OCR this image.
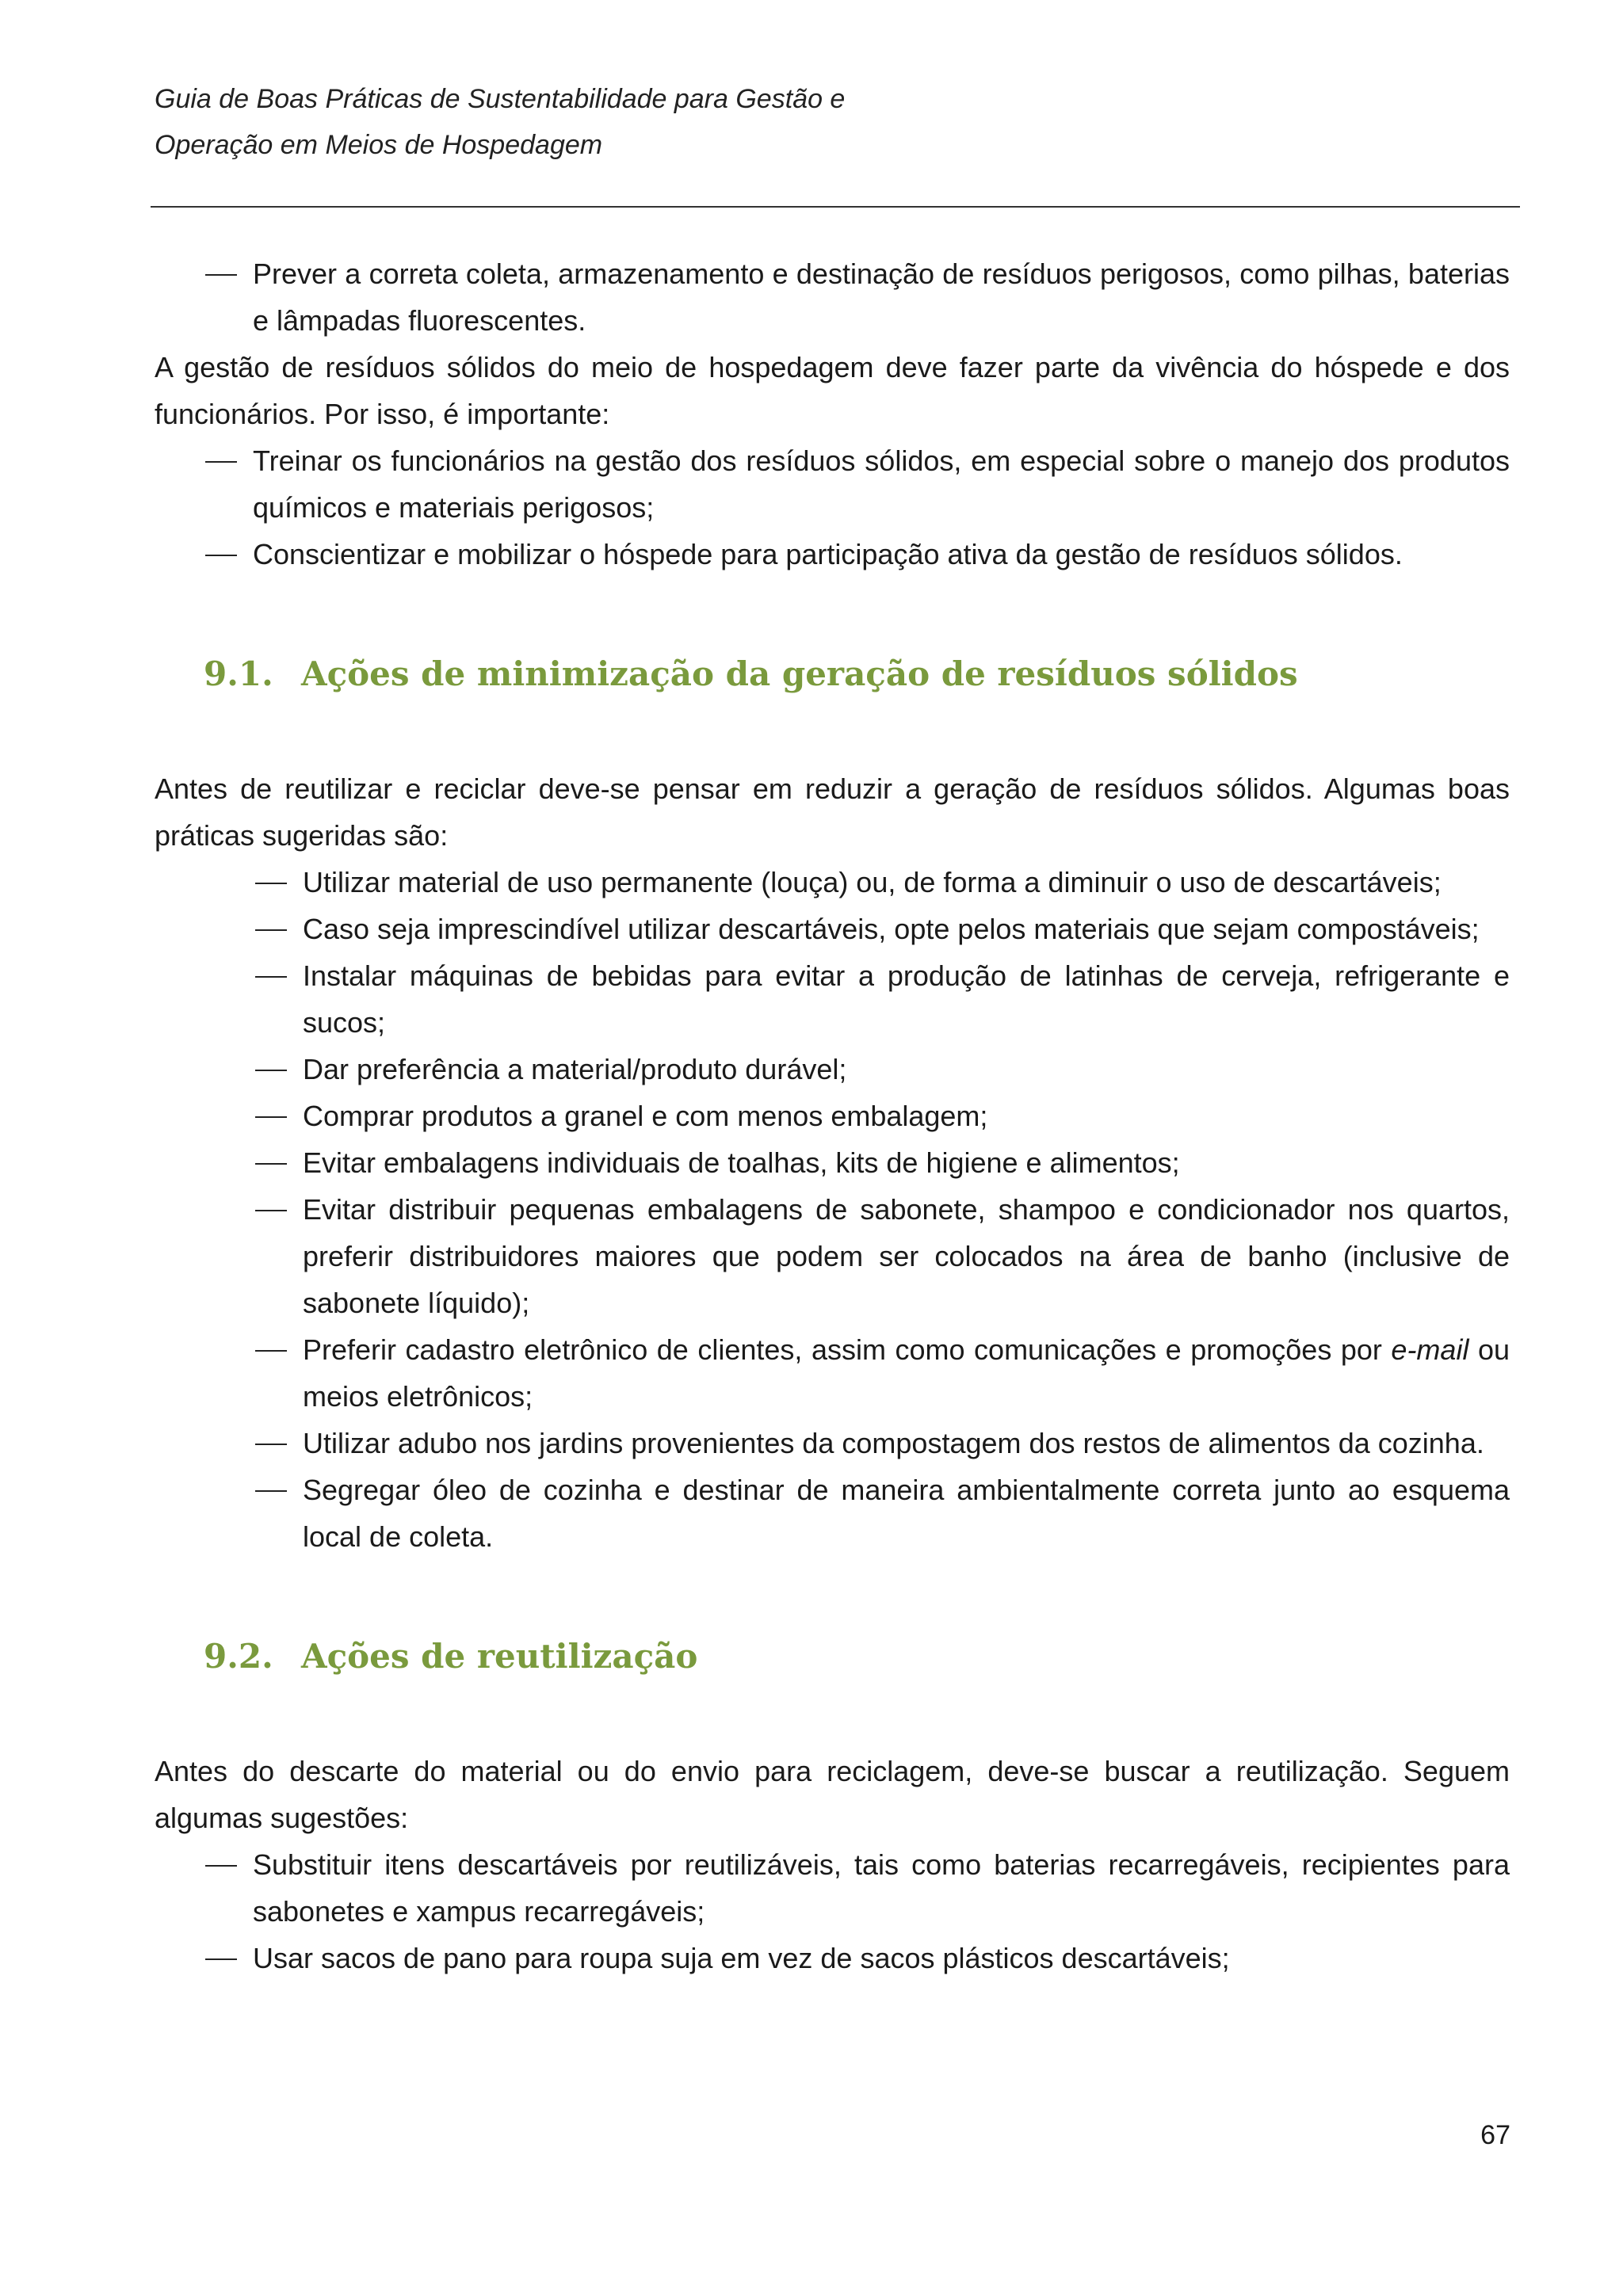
Guia de Boas Práticas de Sustentabilidade para Gestão e
Operação em Meios de Hospedagem
Prever a correta coleta, armazenamento e destinação de resíduos perigosos, como pilhas, baterias e lâmpadas fluorescentes.

A gestão de resíduos sólidos do meio de hospedagem deve fazer parte da vivência do hóspede e dos funcionários. Por isso, é importante:

Treinar os funcionários na gestão dos resíduos sólidos, em especial sobre o manejo dos produtos químicos e materiais perigosos;
Conscientizar e mobilizar o hóspede para participação ativa da gestão de resíduos sólidos.
9.1. Ações de minimização da geração de resíduos sólidos

Antes de reutilizar e reciclar deve-se pensar em reduzir a geração de resíduos sólidos. Algumas boas práticas sugeridas são:

Utilizar material de uso permanente (louça) ou, de forma a diminuir o uso de descartáveis;
Caso seja imprescindível utilizar descartáveis, opte pelos materiais que sejam compostáveis;
Instalar máquinas de bebidas para evitar a produção de latinhas de cerveja, refrigerante e sucos;
Dar preferência a material/produto durável;
Comprar produtos a granel e com menos embalagem;
Evitar embalagens individuais de toalhas, kits de higiene e alimentos;
Evitar distribuir pequenas embalagens de sabonete, shampoo e condicionador nos quartos, preferir distribuidores maiores que podem ser colocados na área de banho (inclusive de sabonete líquido);
Preferir cadastro eletrônico de clientes, assim como comunicações e promoções por e-mail ou meios eletrônicos;
Utilizar adubo nos jardins provenientes da compostagem dos restos de alimentos da cozinha.
Segregar óleo de cozinha e destinar de maneira ambientalmente correta junto ao esquema local de coleta.
9.2. Ações de reutilização

Antes do descarte do material ou do envio para reciclagem, deve-se buscar a reutilização. Seguem algumas sugestões:

Substituir itens descartáveis por reutilizáveis, tais como baterias recarregáveis, recipientes para sabonetes e xampus recarregáveis;
Usar sacos de pano para roupa suja em vez de sacos plásticos descartáveis;
67
